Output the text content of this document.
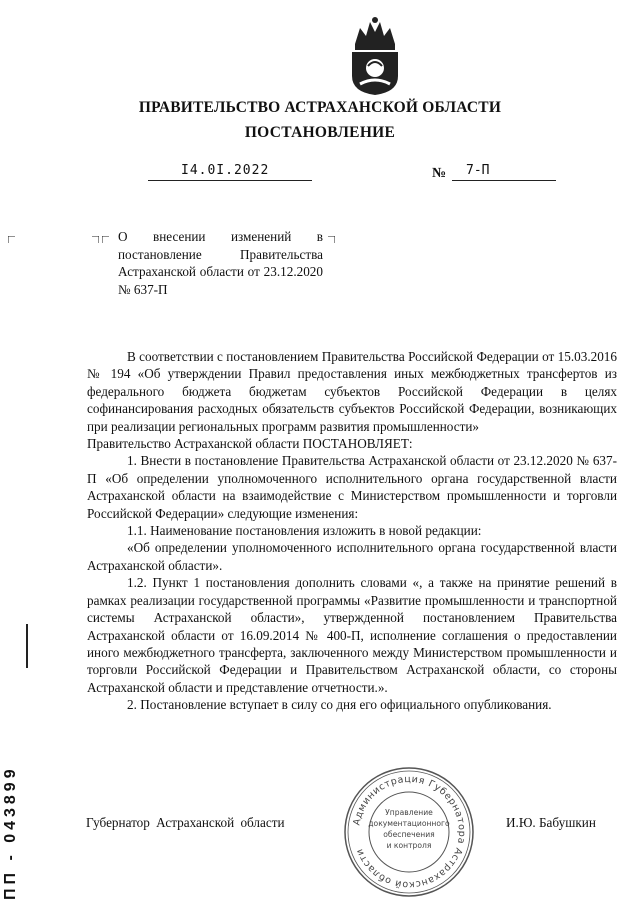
ПРАВИТЕЛЬСТВО АСТРАХАНСКОЙ ОБЛАСТИ
ПОСТАНОВЛЕНИЕ
I4.0I.2022	№ 7-П
О внесении изменений в постановление Правительства Астраханской области от 23.12.2020 № 637-П

В соответствии с постановлением Правительства Российской Федерации от 15.03.2016 № 194 «Об утверждении Правил предоставления иных межбюджетных трансфертов из федерального бюджета бюджетам субъектов Российской Федерации в целях софинансирования расходных обязательств субъектов Российской Федерации, возникающих при реализации региональных программ развития промышленности»

Правительство Астраханской области ПОСТАНОВЛЯЕТ:

1. Внести в постановление Правительства Астраханской области от 23.12.2020 № 637-П «Об определении уполномоченного исполнительного органа государственной власти Астраханской области на взаимодействие с Министерством промышленности и торговли Российской Федерации» следующие изменения:

1.1. Наименование постановления изложить в новой редакции:

«Об определении уполномоченного исполнительного органа государственной власти Астраханской области».

1.2. Пункт 1 постановления дополнить словами «, а также на принятие решений в рамках реализации государственной программы «Развитие промышленности и транспортной системы Астраханской области», утвержденной постановлением Правительства Астраханской области от 16.09.2014 № 400-П, исполнение соглашения о предоставлении иного межбюджетного трансферта, заключенного между Министерством промышленности и торговли Российской Федерации и Правительством Астраханской области, со стороны Астраханской области и представление отчетности.».

2. Постановление вступает в силу со дня его официального опубликования.

ПП - 043899	Губернатор Астраханской области	И.Ю. Бабушкин
Администрация Губернатора Астраханской области
Управление
документационного
обеспечения
и контроля
